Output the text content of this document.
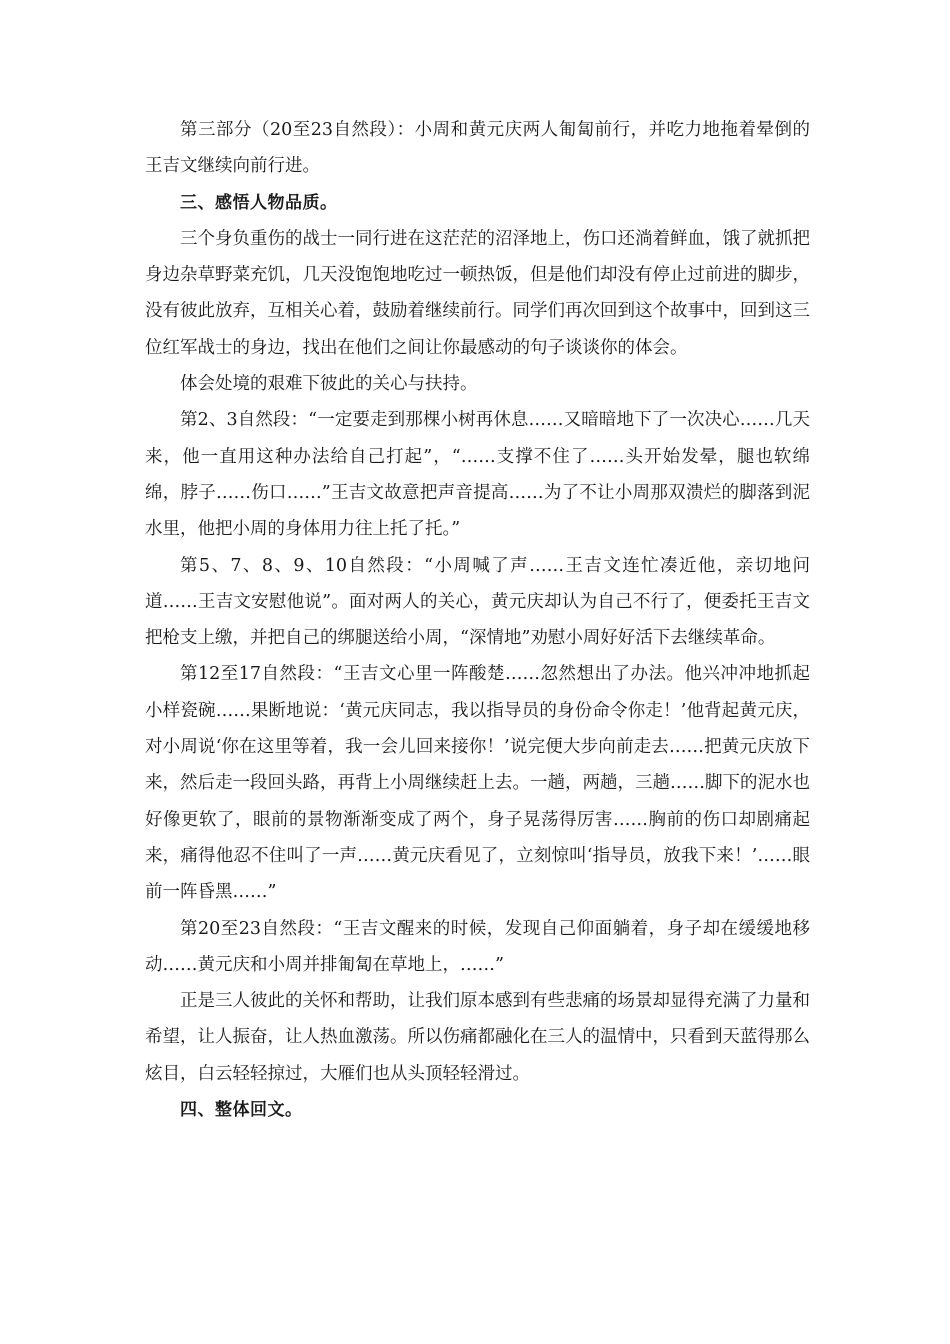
第三部分（20至23自然段）：小周和黄元庆两人匍匐前行，并吃力地拖着晕倒的王吉文继续向前行进。

三、感悟人物品质。

三个身负重伤的战士一同行进在这茫茫的沼泽地上，伤口还淌着鲜血，饿了就抓把身边杂草野菜充饥，几天没饱饱地吃过一顿热饭，但是他们却没有停止过前进的脚步，没有彼此放弃，互相关心着，鼓励着继续前行。同学们再次回到这个故事中，回到这三位红军战士的身边，找出在他们之间让你最感动的句子谈谈你的体会。

体会处境的艰难下彼此的关心与扶持。

第2、3自然段：“一定要走到那棵小树再休息……又暗暗地下了一次决心……几天来，他一直用这种办法给自己打起”，“……支撑不住了……头开始发晕，腿也软绵绵，脖子……伤口……”王吉文故意把声音提高……为了不让小周那双溃烂的脚落到泥水里，他把小周的身体用力往上托了托。”

第5、7、8、9、10自然段：“小周喊了声……王吉文连忙凑近他，亲切地问道……王吉文安慰他说”。面对两人的关心，黄元庆却认为自己不行了，便委托王吉文把枪支上缴，并把自己的绑腿送给小周，“深情地”劝慰小周好好活下去继续革命。

第12至17自然段：“王吉文心里一阵酸楚……忽然想出了办法。他兴冲冲地抓起小样瓷碗……果断地说：‘黄元庆同志，我以指导员的身份命令你走！’他背起黄元庆，对小周说‘你在这里等着，我一会儿回来接你！’说完便大步向前走去……把黄元庆放下来，然后走一段回头路，再背上小周继续赶上去。一趟，两趟，三趟……脚下的泥水也好像更软了，眼前的景物渐渐变成了两个，身子晃荡得厉害……胸前的伤口却剧痛起来，痛得他忍不住叫了一声……黄元庆看见了，立刻惊叫‘指导员，放我下来！’……眼前一阵昏黑……”

第20至23自然段：“王吉文醒来的时候，发现自己仰面躺着，身子却在缓缓地移动……黄元庆和小周并排匍匐在草地上，……”

正是三人彼此的关怀和帮助，让我们原本感到有些悲痛的场景却显得充满了力量和希望，让人振奋，让人热血激荡。所以伤痛都融化在三人的温情中，只看到天蓝得那么炫目，白云轻轻掠过，大雁们也从头顶轻轻滑过。

四、整体回文。
